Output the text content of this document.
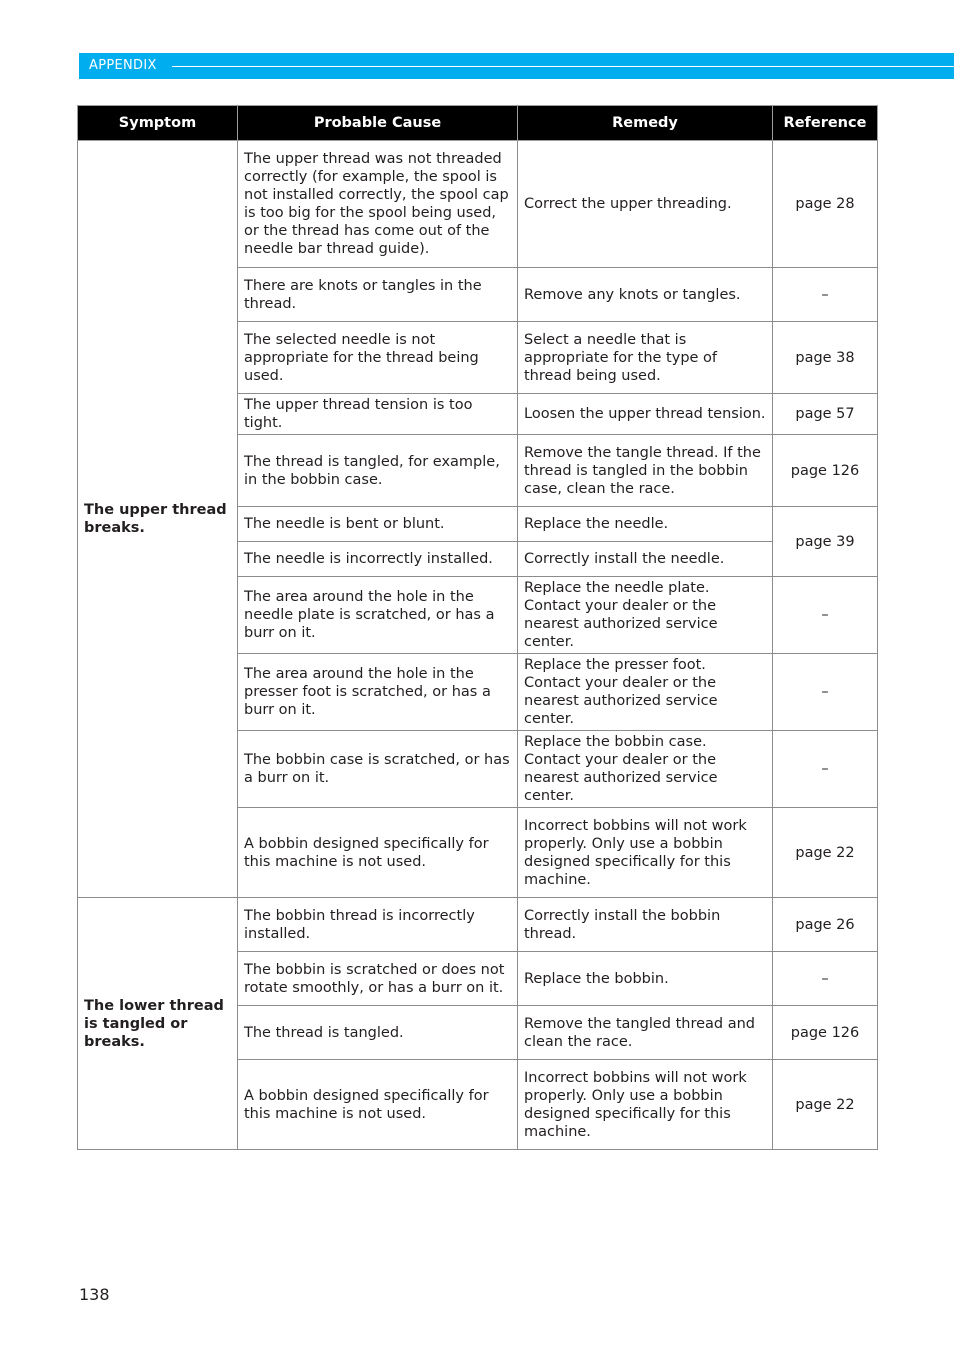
APPENDIX
Symptom	Probable Cause	Remedy	Reference
The upper thread breaks.	The upper thread was not threaded correctly (for example, the spool is not installed correctly, the spool cap is too big for the spool being used, or the thread has come out of the needle bar thread guide).	Correct the upper threading.	page 28
	There are knots or tangles in the thread.	Remove any knots or tangles.	–
	The selected needle is not appropriate for the thread being used.	Select a needle that is appropriate for the type of thread being used.	page 38
	The upper thread tension is too tight.	Loosen the upper thread tension.	page 57
	The thread is tangled, for example, in the bobbin case.	Remove the tangle thread. If the thread is tangled in the bobbin case, clean the race.	page 126
	The needle is bent or blunt.	Replace the needle.	page 39
	The needle is incorrectly installed.	Correctly install the needle.	
	The area around the hole in the needle plate is scratched, or has a burr on it.	Replace the needle plate. Contact your dealer or the nearest authorized service center.	–
	The area around the hole in the presser foot is scratched, or has a burr on it.	Replace the presser foot. Contact your dealer or the nearest authorized service center.	–
	The bobbin case is scratched, or has a burr on it.	Replace the bobbin case. Contact your dealer or the nearest authorized service center.	–
	A bobbin designed specifically for this machine is not used.	Incorrect bobbins will not work properly. Only use a bobbin designed specifically for this machine.	page 22
The lower thread is tangled or breaks.	The bobbin thread is incorrectly installed.	Correctly install the bobbin thread.	page 26
	The bobbin is scratched or does not rotate smoothly, or has a burr on it.	Replace the bobbin.	–
	The thread is tangled.	Remove the tangled thread and clean the race.	page 126
	A bobbin designed specifically for this machine is not used.	Incorrect bobbins will not work properly. Only use a bobbin designed specifically for this machine.	page 22
138
